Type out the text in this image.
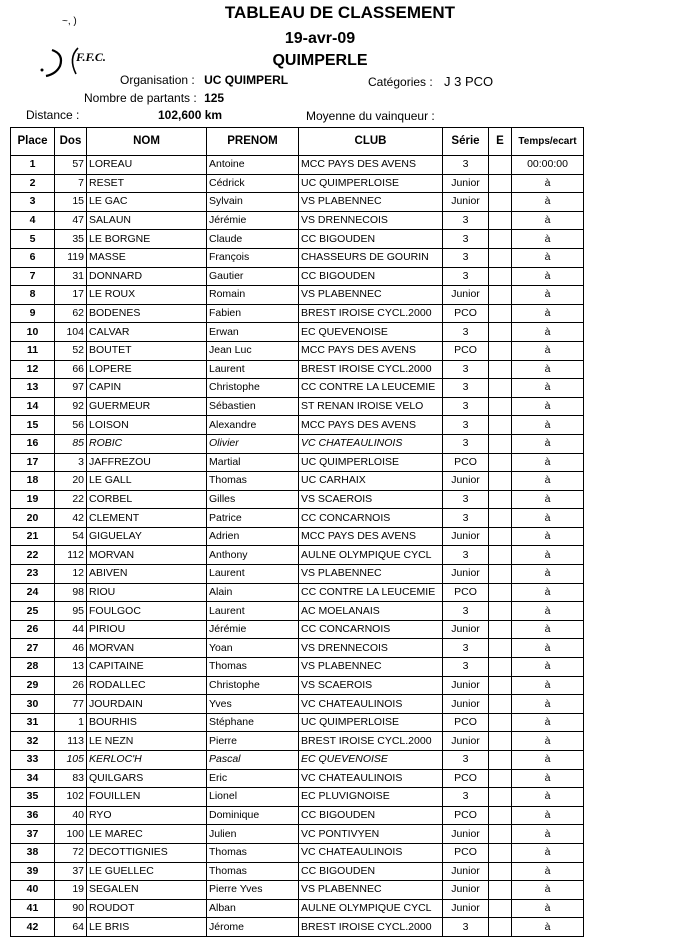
~, )
F.F.C.
TABLEAU DE CLASSEMENT
19-avr-09
QUIMPERLE
Organisation : UC QUIMPERL	Catégories : J 3 PCO
Nombre de partants : 125
Distance :	102,600 km	Moyenne du vainqueur :
Place	Dos	NOM	PRENOM	CLUB	Série	E	Temps/ecart
1	57	LOREAU	Antoine	MCC PAYS DES AVENS	3		00:00:00
2	7	RESET	Cédrick	UC QUIMPERLOISE	Junior		à
3	15	LE GAC	Sylvain	VS PLABENNEC	Junior		à
4	47	SALAUN	Jérémie	VS DRENNECOIS	3		à
5	35	LE BORGNE	Claude	CC BIGOUDEN	3		à
6	119	MASSE	François	CHASSEURS DE GOURIN	3		à
7	31	DONNARD	Gautier	CC BIGOUDEN	3		à
8	17	LE ROUX	Romain	VS PLABENNEC	Junior		à
9	62	BODENES	Fabien	BREST IROISE CYCL.2000	PCO		à
10	104	CALVAR	Erwan	EC QUEVENOISE	3		à
11	52	BOUTET	Jean Luc	MCC PAYS DES AVENS	PCO		à
12	66	LOPERE	Laurent	BREST IROISE CYCL.2000	3		à
13	97	CAPIN	Christophe	CC CONTRE LA LEUCEMIE	3		à
14	92	GUERMEUR	Sébastien	ST RENAN IROISE VELO	3		à
15	56	LOISON	Alexandre	MCC PAYS DES AVENS	3		à
16	85	ROBIC	Olivier	VC CHATEAULINOIS	3		à
17	3	JAFFREZOU	Martial	UC QUIMPERLOISE	PCO		à
18	20	LE GALL	Thomas	UC CARHAIX	Junior		à
19	22	CORBEL	Gilles	VS SCAEROIS	3		à
20	42	CLEMENT	Patrice	CC CONCARNOIS	3		à
21	54	GIGUELAY	Adrien	MCC PAYS DES AVENS	Junior		à
22	112	MORVAN	Anthony	AULNE OLYMPIQUE CYCL	3		à
23	12	ABIVEN	Laurent	VS PLABENNEC	Junior		à
24	98	RIOU	Alain	CC CONTRE LA LEUCEMIE	PCO		à
25	95	FOULGOC	Laurent	AC MOELANAIS	3		à
26	44	PIRIOU	Jérémie	CC CONCARNOIS	Junior		à
27	46	MORVAN	Yoan	VS DRENNECOIS	3		à
28	13	CAPITAINE	Thomas	VS PLABENNEC	3		à
29	26	RODALLEC	Christophe	VS SCAEROIS	Junior		à
30	77	JOURDAIN	Yves	VC CHATEAULINOIS	Junior		à
31	1	BOURHIS	Stéphane	UC QUIMPERLOISE	PCO		à
32	113	LE NEZN	Pierre	BREST IROISE CYCL.2000	Junior		à
33	105	KERLOC'H	Pascal	EC QUEVENOISE	3		à
34	83	QUILGARS	Eric	VC CHATEAULINOIS	PCO		à
35	102	FOUILLEN	Lionel	EC PLUVIGNOISE	3		à
36	40	RYO	Dominique	CC BIGOUDEN	PCO		à
37	100	LE MAREC	Julien	VC PONTIVYEN	Junior		à
38	72	DECOTTIGNIES	Thomas	VC CHATEAULINOIS	PCO		à
39	37	LE GUELLEC	Thomas	CC BIGOUDEN	Junior		à
40	19	SEGALEN	Pierre Yves	VS PLABENNEC	Junior		à
41	90	ROUDOT	Alban	AULNE OLYMPIQUE CYCL	Junior		à
42	64	LE BRIS	Jérome	BREST IROISE CYCL.2000	3		à
